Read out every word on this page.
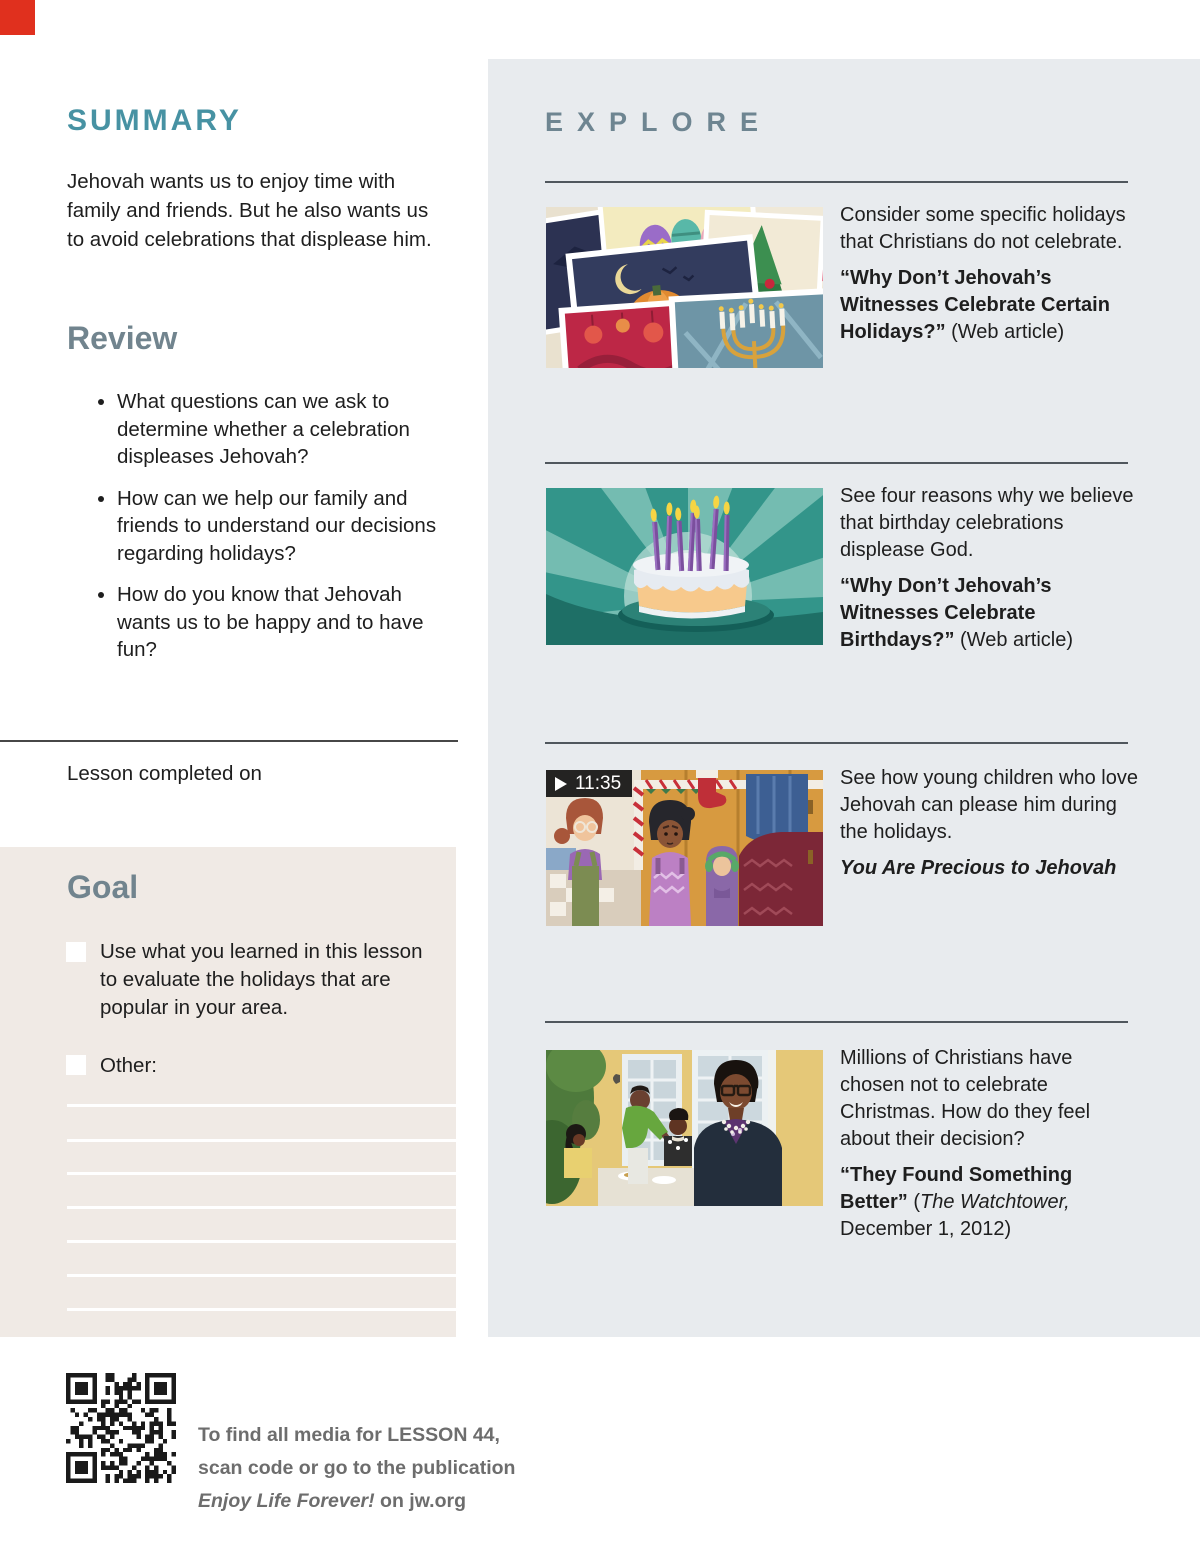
SUMMARY
Jehovah wants us to enjoy time with family and friends. But he also wants us to avoid celebrations that displease him.
Review
• What questions can we ask to determine whether a celebration displeases Jehovah?
• How can we help our family and friends to understand our decisions regarding holidays?
• How do you know that Jehovah wants us to be happy and to have fun?
Lesson completed on
Goal
Use what you learned in this lesson to evaluate the holidays that are popular in your area.
Other:
To find all media for LESSON 44,
scan code or go to the publication
Enjoy Life Forever! on jw.org
EXPLORE
11:35

Consider some specific holidays that Christians do not celebrate.

“Why Don’t Jehovah’s Witnesses Celebrate Certain Holidays?” (Web article)

See four reasons why we believe that birthday celebrations displease God.

“Why Don’t Jehovah’s Witnesses Celebrate Birthdays?” (Web article)

See how young children who love Jehovah can please him during the holidays.

You Are Precious to Jehovah

Millions of Christians have chosen not to celebrate Christmas. How do they feel about their decision?

“They Found Something Better” (The Watchtower, December 1, 2012)
